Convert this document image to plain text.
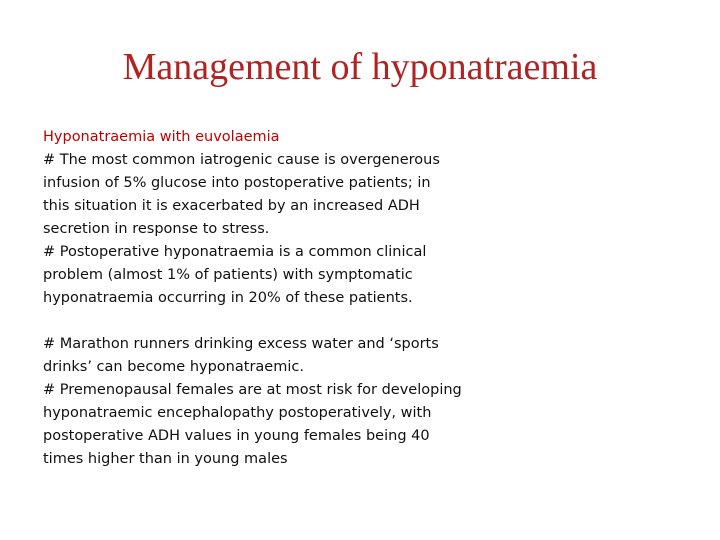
Management of hyponatraemia
Hyponatraemia with euvolaemia
# The most common iatrogenic cause is overgenerous
infusion of 5% glucose into postoperative patients; in
this situation it is exacerbated by an increased ADH
secretion in response to stress.
# Postoperative hyponatraemia is a common clinical
problem (almost 1% of patients) with symptomatic
hyponatraemia occurring in 20% of these patients.
# Marathon runners drinking excess water and ‘sports
drinks’ can become hyponatraemic.
# Premenopausal females are at most risk for developing
hyponatraemic encephalopathy postoperatively, with
postoperative ADH values in young females being 40
times higher than in young males
